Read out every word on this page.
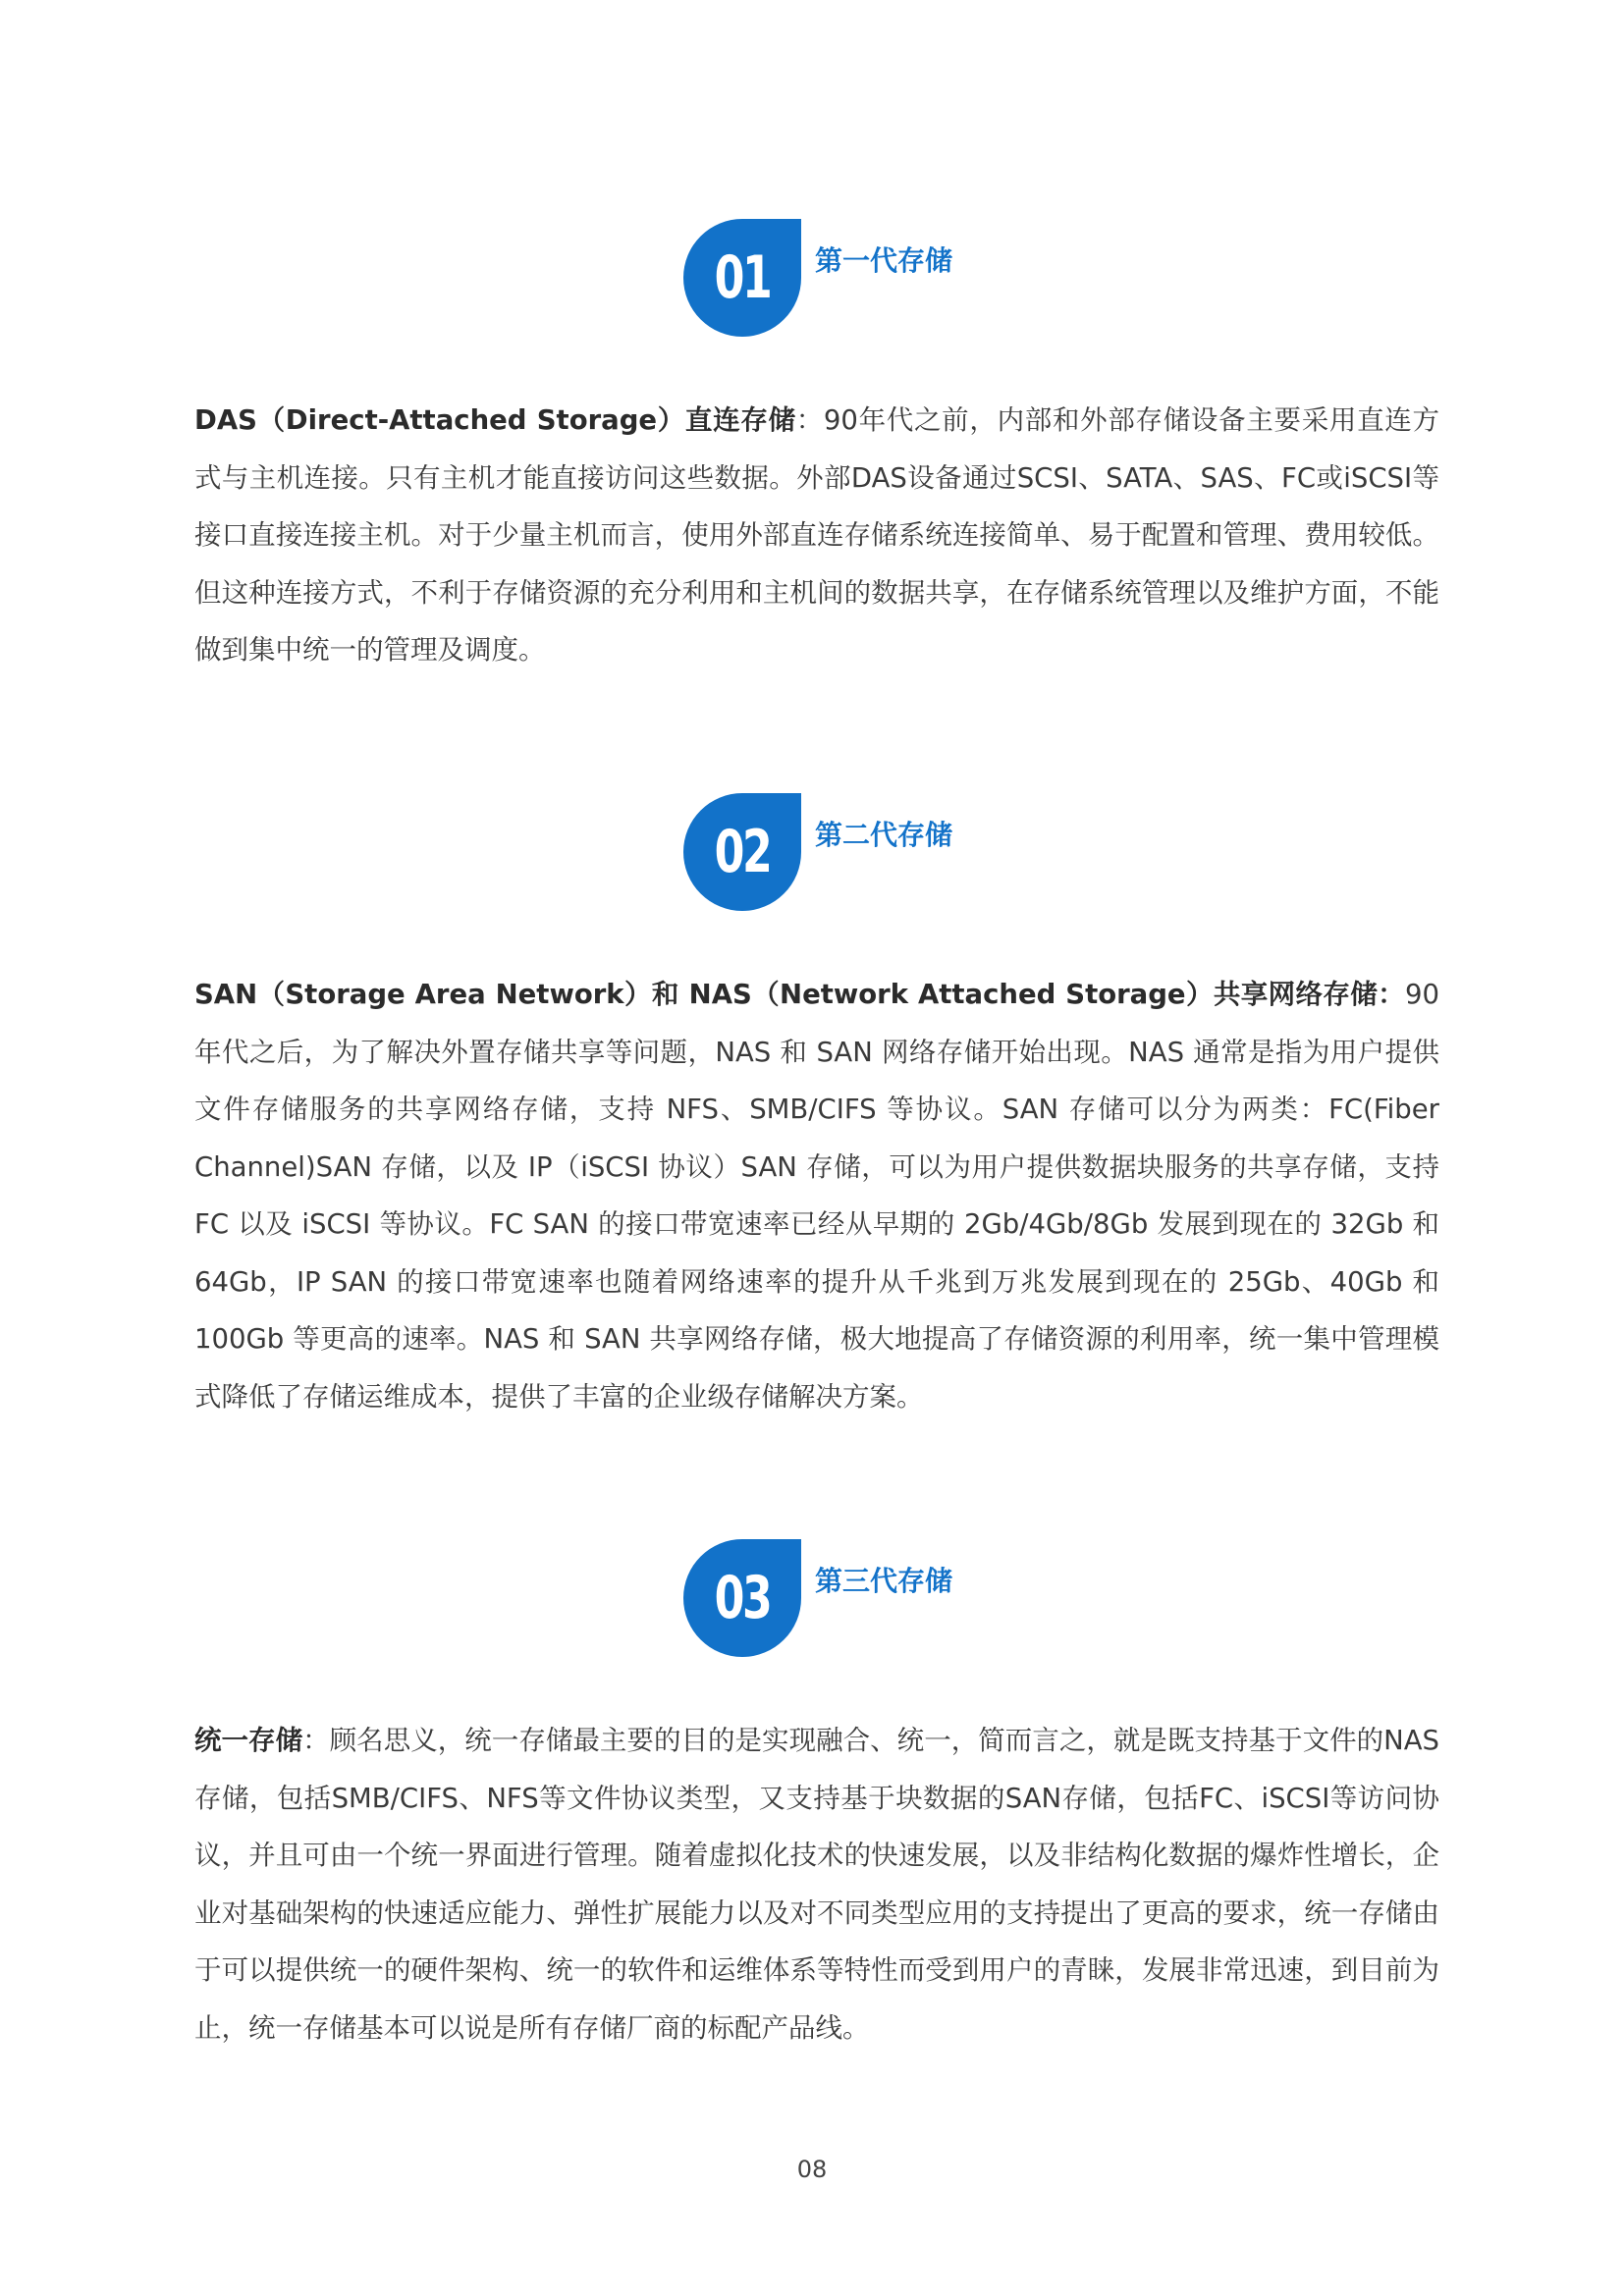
01	第一代存储

DAS（Direct-Attached Storage）直连存储：90年代之前，内部和外部存储设备主要采用直连方式与主机连接。只有主机才能直接访问这些数据。外部DAS设备通过SCSI、SATA、SAS、FC或iSCSI等接口直接连接主机。对于少量主机而言，使用外部直连存储系统连接简单、易于配置和管理、费用较低。但这种连接方式，不利于存储资源的充分利用和主机间的数据共享，在存储系统管理以及维护方面，不能做到集中统一的管理及调度。

02	第二代存储

SAN（Storage Area Network）和 NAS（Network Attached Storage）共享网络存储：90 年代之后，为了解决外置存储共享等问题，NAS 和 SAN 网络存储开始出现。NAS 通常是指为用户提供文件存储服务的共享网络存储，支持 NFS、SMB/CIFS 等协议。SAN 存储可以分为两类：FC(Fiber Channel)SAN 存储，以及 IP（iSCSI 协议）SAN 存储，可以为用户提供数据块服务的共享存储，支持 FC 以及 iSCSI 等协议。FC SAN 的接口带宽速率已经从早期的 2Gb/4Gb/8Gb 发展到现在的 32Gb 和 64Gb，IP SAN 的接口带宽速率也随着网络速率的提升从千兆到万兆发展到现在的 25Gb、40Gb 和 100Gb 等更高的速率。NAS 和 SAN 共享网络存储，极大地提高了存储资源的利用率，统一集中管理模式降低了存储运维成本，提供了丰富的企业级存储解决方案。

03	第三代存储

统一存储：顾名思义，统一存储最主要的目的是实现融合、统一，简而言之，就是既支持基于文件的NAS存储，包括SMB/CIFS、NFS等文件协议类型，又支持基于块数据的SAN存储，包括FC、iSCSI等访问协议，并且可由一个统一界面进行管理。随着虚拟化技术的快速发展，以及非结构化数据的爆炸性增长，企业对基础架构的快速适应能力、弹性扩展能力以及对不同类型应用的支持提出了更高的要求，统一存储由于可以提供统一的硬件架构、统一的软件和运维体系等特性而受到用户的青睐，发展非常迅速，到目前为止，统一存储基本可以说是所有存储厂商的标配产品线。

08
